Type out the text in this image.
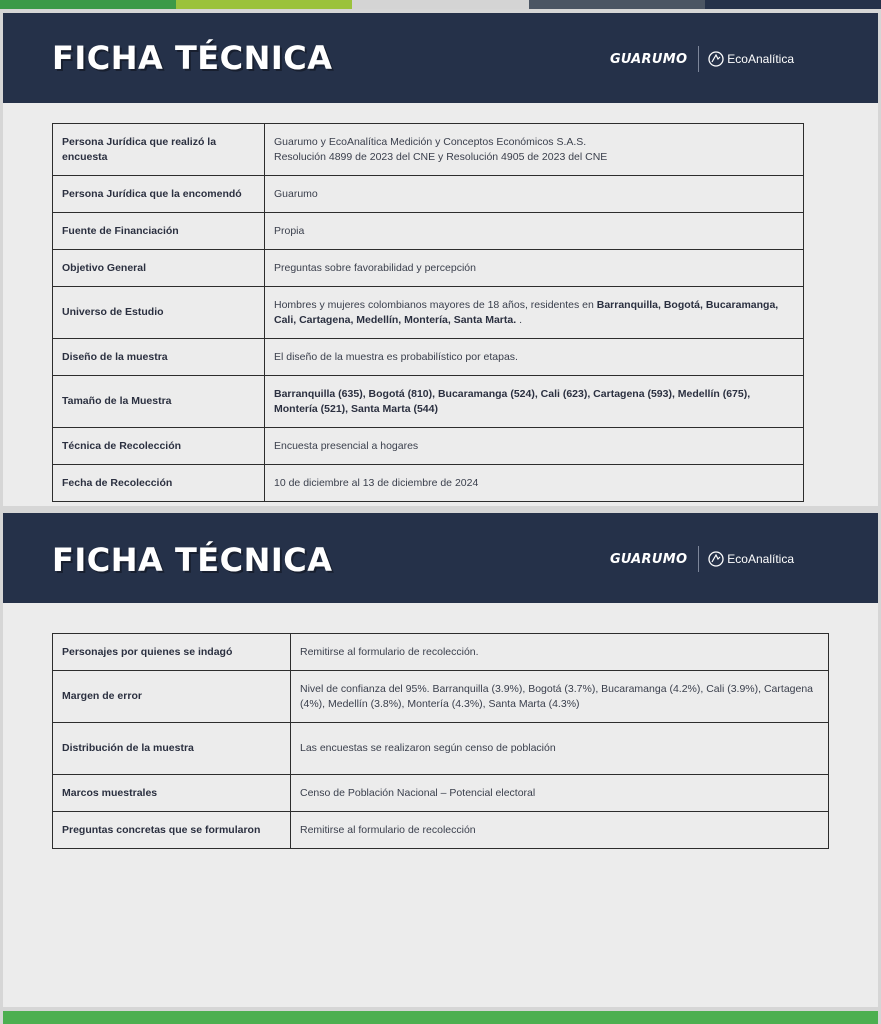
FICHA TÉCNICA	GUARUMO	EcoAnalítica
Persona Jurídica que realizó la encuesta	Guarumo y EcoAnalítica Medición y Conceptos Económicos S.A.S.
Resolución 4899 de 2023 del CNE y Resolución 4905 de 2023 del CNE
Persona Jurídica que la encomendó	Guarumo
Fuente de Financiación	Propia
Objetivo General	Preguntas sobre favorabilidad y percepción
Universo de Estudio	Hombres y mujeres colombianos mayores de 18 años, residentes en Barranquilla, Bogotá, Bucaramanga, Cali, Cartagena, Medellín, Montería, Santa Marta. .
Diseño de la muestra	El diseño de la muestra es probabilístico por etapas.
Tamaño de la Muestra	Barranquilla (635), Bogotá (810), Bucaramanga (524), Cali (623), Cartagena (593), Medellín (675), Montería (521), Santa Marta (544)
Técnica de Recolección	Encuesta presencial a hogares
Fecha de Recolección	10 de diciembre al 13 de diciembre de 2024
FICHA TÉCNICA	GUARUMO	EcoAnalítica
Personajes por quienes se indagó	Remitirse al formulario de recolección.
Margen de error	Nivel de confianza del 95%. Barranquilla (3.9%), Bogotá (3.7%), Bucaramanga (4.2%), Cali (3.9%), Cartagena (4%), Medellín (3.8%), Montería (4.3%), Santa Marta (4.3%)
Distribución de la muestra	Las encuestas se realizaron según censo de población
Marcos muestrales	Censo de Población Nacional – Potencial electoral
Preguntas concretas que se formularon	Remitirse al formulario de recolección
